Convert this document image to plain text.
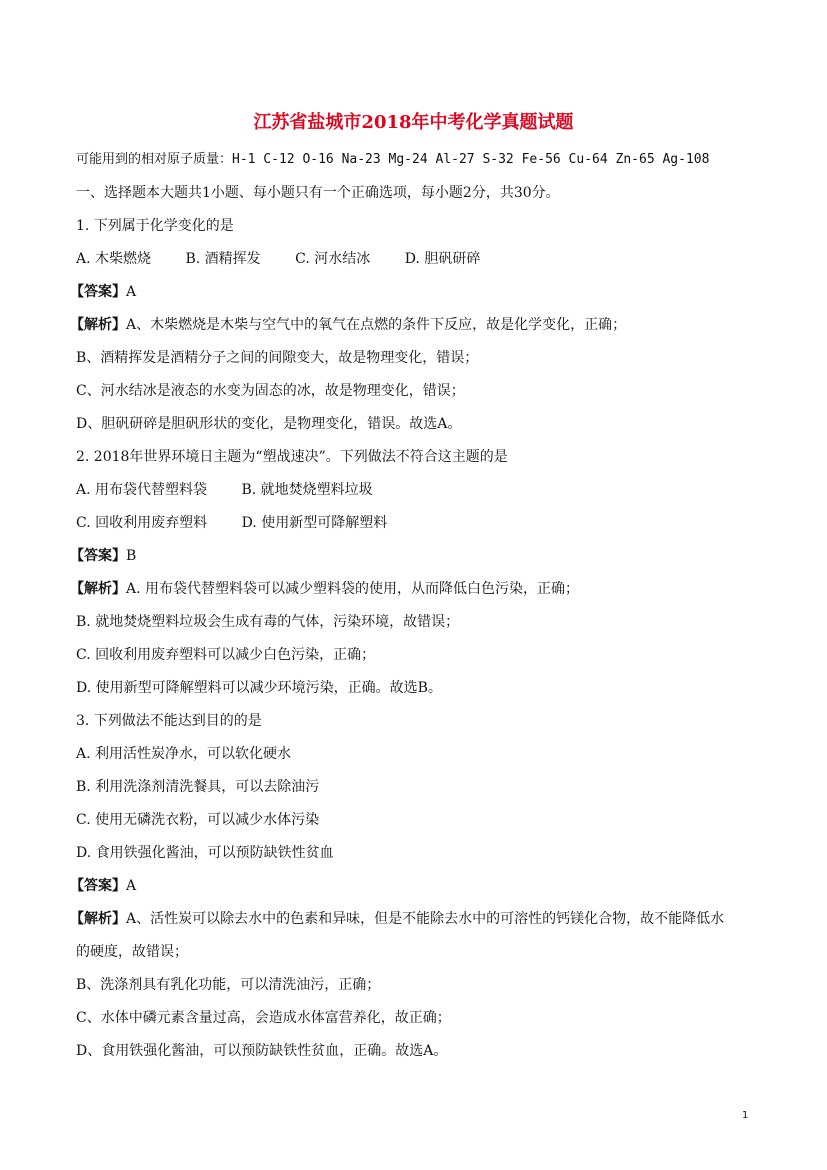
江苏省盐城市2018年中考化学真题试题
可能用到的相对原子质量：H-1 C-12 O-16 Na-23 Mg-24 Al-27 S-32 Fe-56 Cu-64 Zn-65 Ag-108
一、选择题本大题共1小题、每小题只有一个正确选项，每小题2分，共30分。
1. 下列属于化学变化的是
A. 木柴燃烧 B. 酒精挥发 C. 河水结冰 D. 胆矾研碎
【答案】A
【解析】A、木柴燃烧是木柴与空气中的氧气在点燃的条件下反应，故是化学变化，正确；
B、酒精挥发是酒精分子之间的间隙变大，故是物理变化，错误；
C、河水结冰是液态的水变为固态的冰，故是物理变化，错误；
D、胆矾研碎是胆矾形状的变化，是物理变化，错误。故选A。
2. 2018年世界环境日主题为“塑战速决”。下列做法不符合这主题的是
A. 用布袋代替塑料袋 B. 就地焚烧塑料垃圾
C. 回收利用废弃塑料 D. 使用新型可降解塑料
【答案】B
【解析】A. 用布袋代替塑料袋可以减少塑料袋的使用，从而降低白色污染，正确；
B. 就地焚烧塑料垃圾会生成有毒的气体，污染环境，故错误；
C. 回收利用废弃塑料可以减少白色污染，正确；
D. 使用新型可降解塑料可以减少环境污染，正确。故选B。
3. 下列做法不能达到目的的是
A. 利用活性炭净水，可以软化硬水
B. 利用洗涤剂清洗餐具，可以去除油污
C. 使用无磷洗衣粉，可以减少水体污染
D. 食用铁强化酱油，可以预防缺铁性贫血
【答案】A
【解析】A、活性炭可以除去水中的色素和异味，但是不能除去水中的可溶性的钙镁化合物，故不能降低水
的硬度，故错误；
B、洗涤剂具有乳化功能，可以清洗油污，正确；
C、水体中磷元素含量过高，会造成水体富营养化，故正确；
D、食用铁强化酱油，可以预防缺铁性贫血，正确。故选A。
1
